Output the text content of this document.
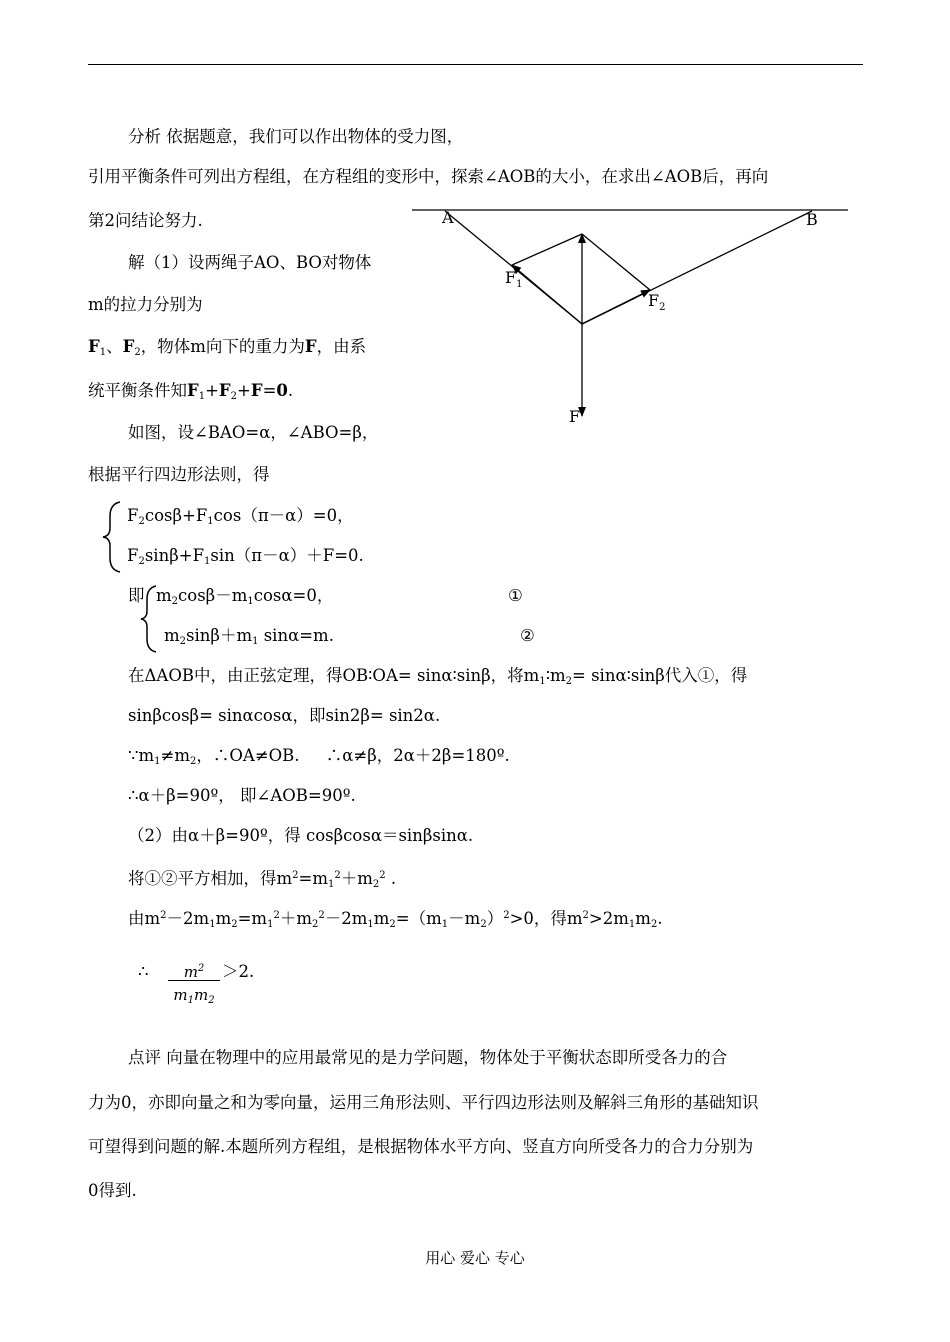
分析 依据题意，我们可以作出物体的受力图，
引用平衡条件可列出方程组，在方程组的变形中，探索∠AOB的大小，在求出∠AOB后，再向
第2问结论努力.
解（1）设两绳子AO、BO对物体
m的拉力分别为
$F_1$、$F_2$，物体m向下的重力为F，由系
统平衡条件知$F_1+F_2+F=0$.
如图，设∠BAO=α，∠ABO=β，
根据平行四边形法则，得
$F_2\cos\beta+F_1\cos(\pi-\alpha)=0$，
$F_2\sin\beta+F_1\sin(\pi-\alpha)+F=0$.
即 $m_2\cos\beta-m_1\cos\alpha=0$，	①
$m_2\sin\beta+m_1$ sinα=m.	②
在ΔAOB中，由正弦定理，得OB∶OA= sinα∶sinβ，将$m_1∶m_2=$ sinα∶sinβ代入①，得
sinβcosβ= sinαcosα，即sin2β= sin2α.
$\because m_1\ne m_2$，∴OA≠OB.     ∴α≠β，2α＋2β=180º.
∴α＋β=90º， 即∠AOB=90º.
（2）由α＋β=90º，得 cosβcosα＝sinβsinα.
将①②平方相加，得$m^2=m_1^2+m_2^2$ .
由$m^2-2m_1m_2=m_1^2+m_2^2-2m_1m_2=(m_1-m_2)^2>0$，得$m^2>2m_1m_2$.
∴ $\frac{m^2}{m_1m_2} >2$.
点评 向量在物理中的应用最常见的是力学问题，物体处于平衡状态即所受各力的合
力为0，亦即向量之和为零向量，运用三角形法则、平行四边形法则及解斜三角形的基础知识
可望得到问题的解.本题所列方程组，是根据物体水平方向、竖直方向所受各力的合力分别为
0得到.
A	B
$F_1$
$F_2$
F
用心 爱心 专心
